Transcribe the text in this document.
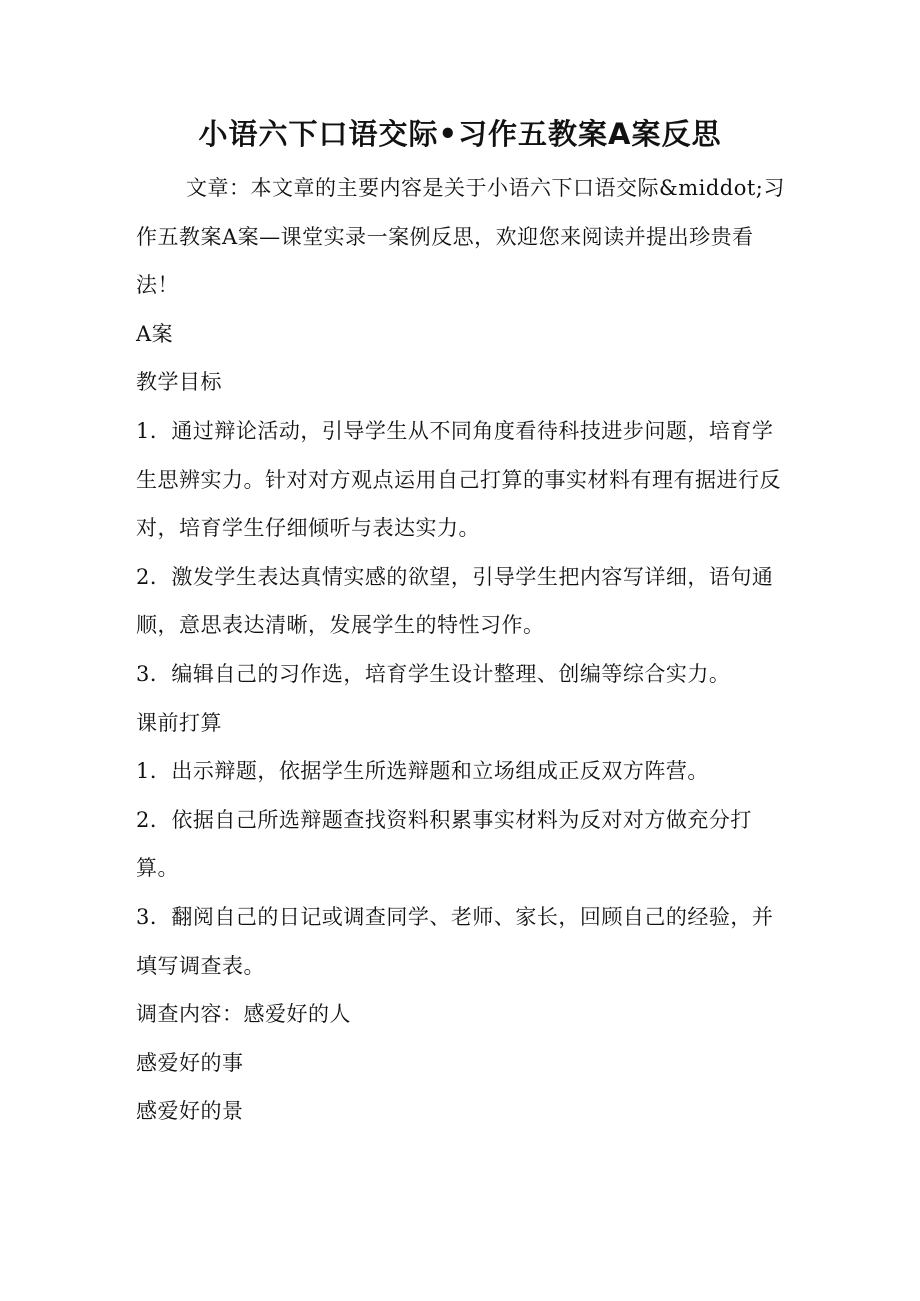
小语六下口语交际•习作五教案A案反思

文章：本文章的主要内容是关于小语六下口语交际&middot;习作五教案A案—课堂实录一案例反思，欢迎您来阅读并提出珍贵看法！

A案

教学目标

1．通过辩论活动，引导学生从不同角度看待科技进步问题，培育学生思辨实力。针对对方观点运用自己打算的事实材料有理有据进行反对，培育学生仔细倾听与表达实力。

2．激发学生表达真情实感的欲望，引导学生把内容写详细，语句通顺，意思表达清晰，发展学生的特性习作。

3．编辑自己的习作选，培育学生设计整理、创编等综合实力。

课前打算

1．出示辩题，依据学生所选辩题和立场组成正反双方阵营。

2．依据自己所选辩题查找资料积累事实材料为反对对方做充分打算。

3．翻阅自己的日记或调查同学、老师、家长，回顾自己的经验，并填写调查表。

调查内容：感爱好的人

感爱好的事

感爱好的景
